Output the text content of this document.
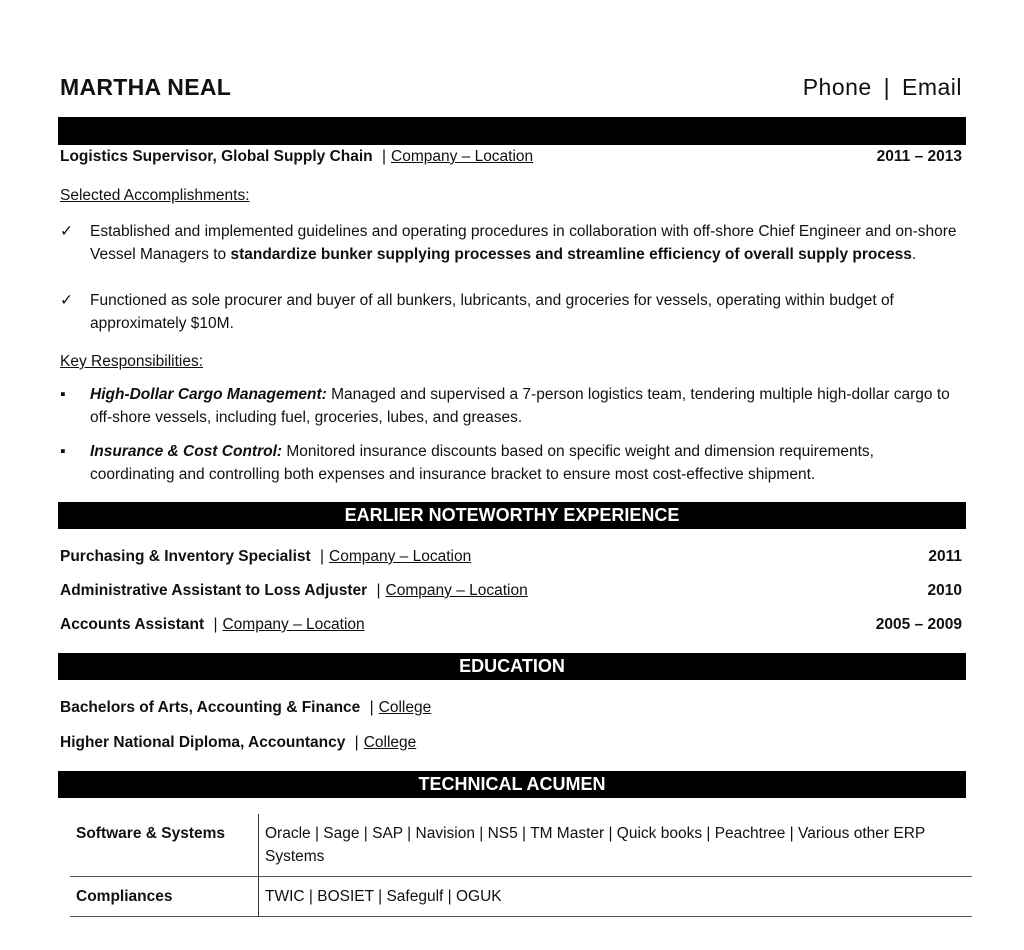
MARTHA NEAL	Phone | Email
Logistics Supervisor, Global Supply Chain | Company – Location	2011 – 2013
Selected Accomplishments:
✓ Established and implemented guidelines and operating procedures in collaboration with off-shore Chief Engineer and on-shore Vessel Managers to standardize bunker supplying processes and streamline efficiency of overall supply process.
✓ Functioned as sole procurer and buyer of all bunkers, lubricants, and groceries for vessels, operating within budget of approximately $10M.
Key Responsibilities:
▪ High-Dollar Cargo Management: Managed and supervised a 7-person logistics team, tendering multiple high-dollar cargo to off-shore vessels, including fuel, groceries, lubes, and greases.
▪ Insurance & Cost Control: Monitored insurance discounts based on specific weight and dimension requirements, coordinating and controlling both expenses and insurance bracket to ensure most cost-effective shipment.
EARLIER NOTEWORTHY EXPERIENCE
Purchasing & Inventory Specialist | Company – Location	2011
Administrative Assistant to Loss Adjuster | Company – Location	2010
Accounts Assistant | Company – Location	2005 – 2009
EDUCATION
Bachelors of Arts, Accounting & Finance | College
Higher National Diploma, Accountancy | College
TECHNICAL ACUMEN
Software & Systems	Oracle | Sage | SAP | Navision | NS5 | TM Master | Quick books | Peachtree | Various other ERP Systems
Compliances	TWIC | BOSIET | Safegulf | OGUK
